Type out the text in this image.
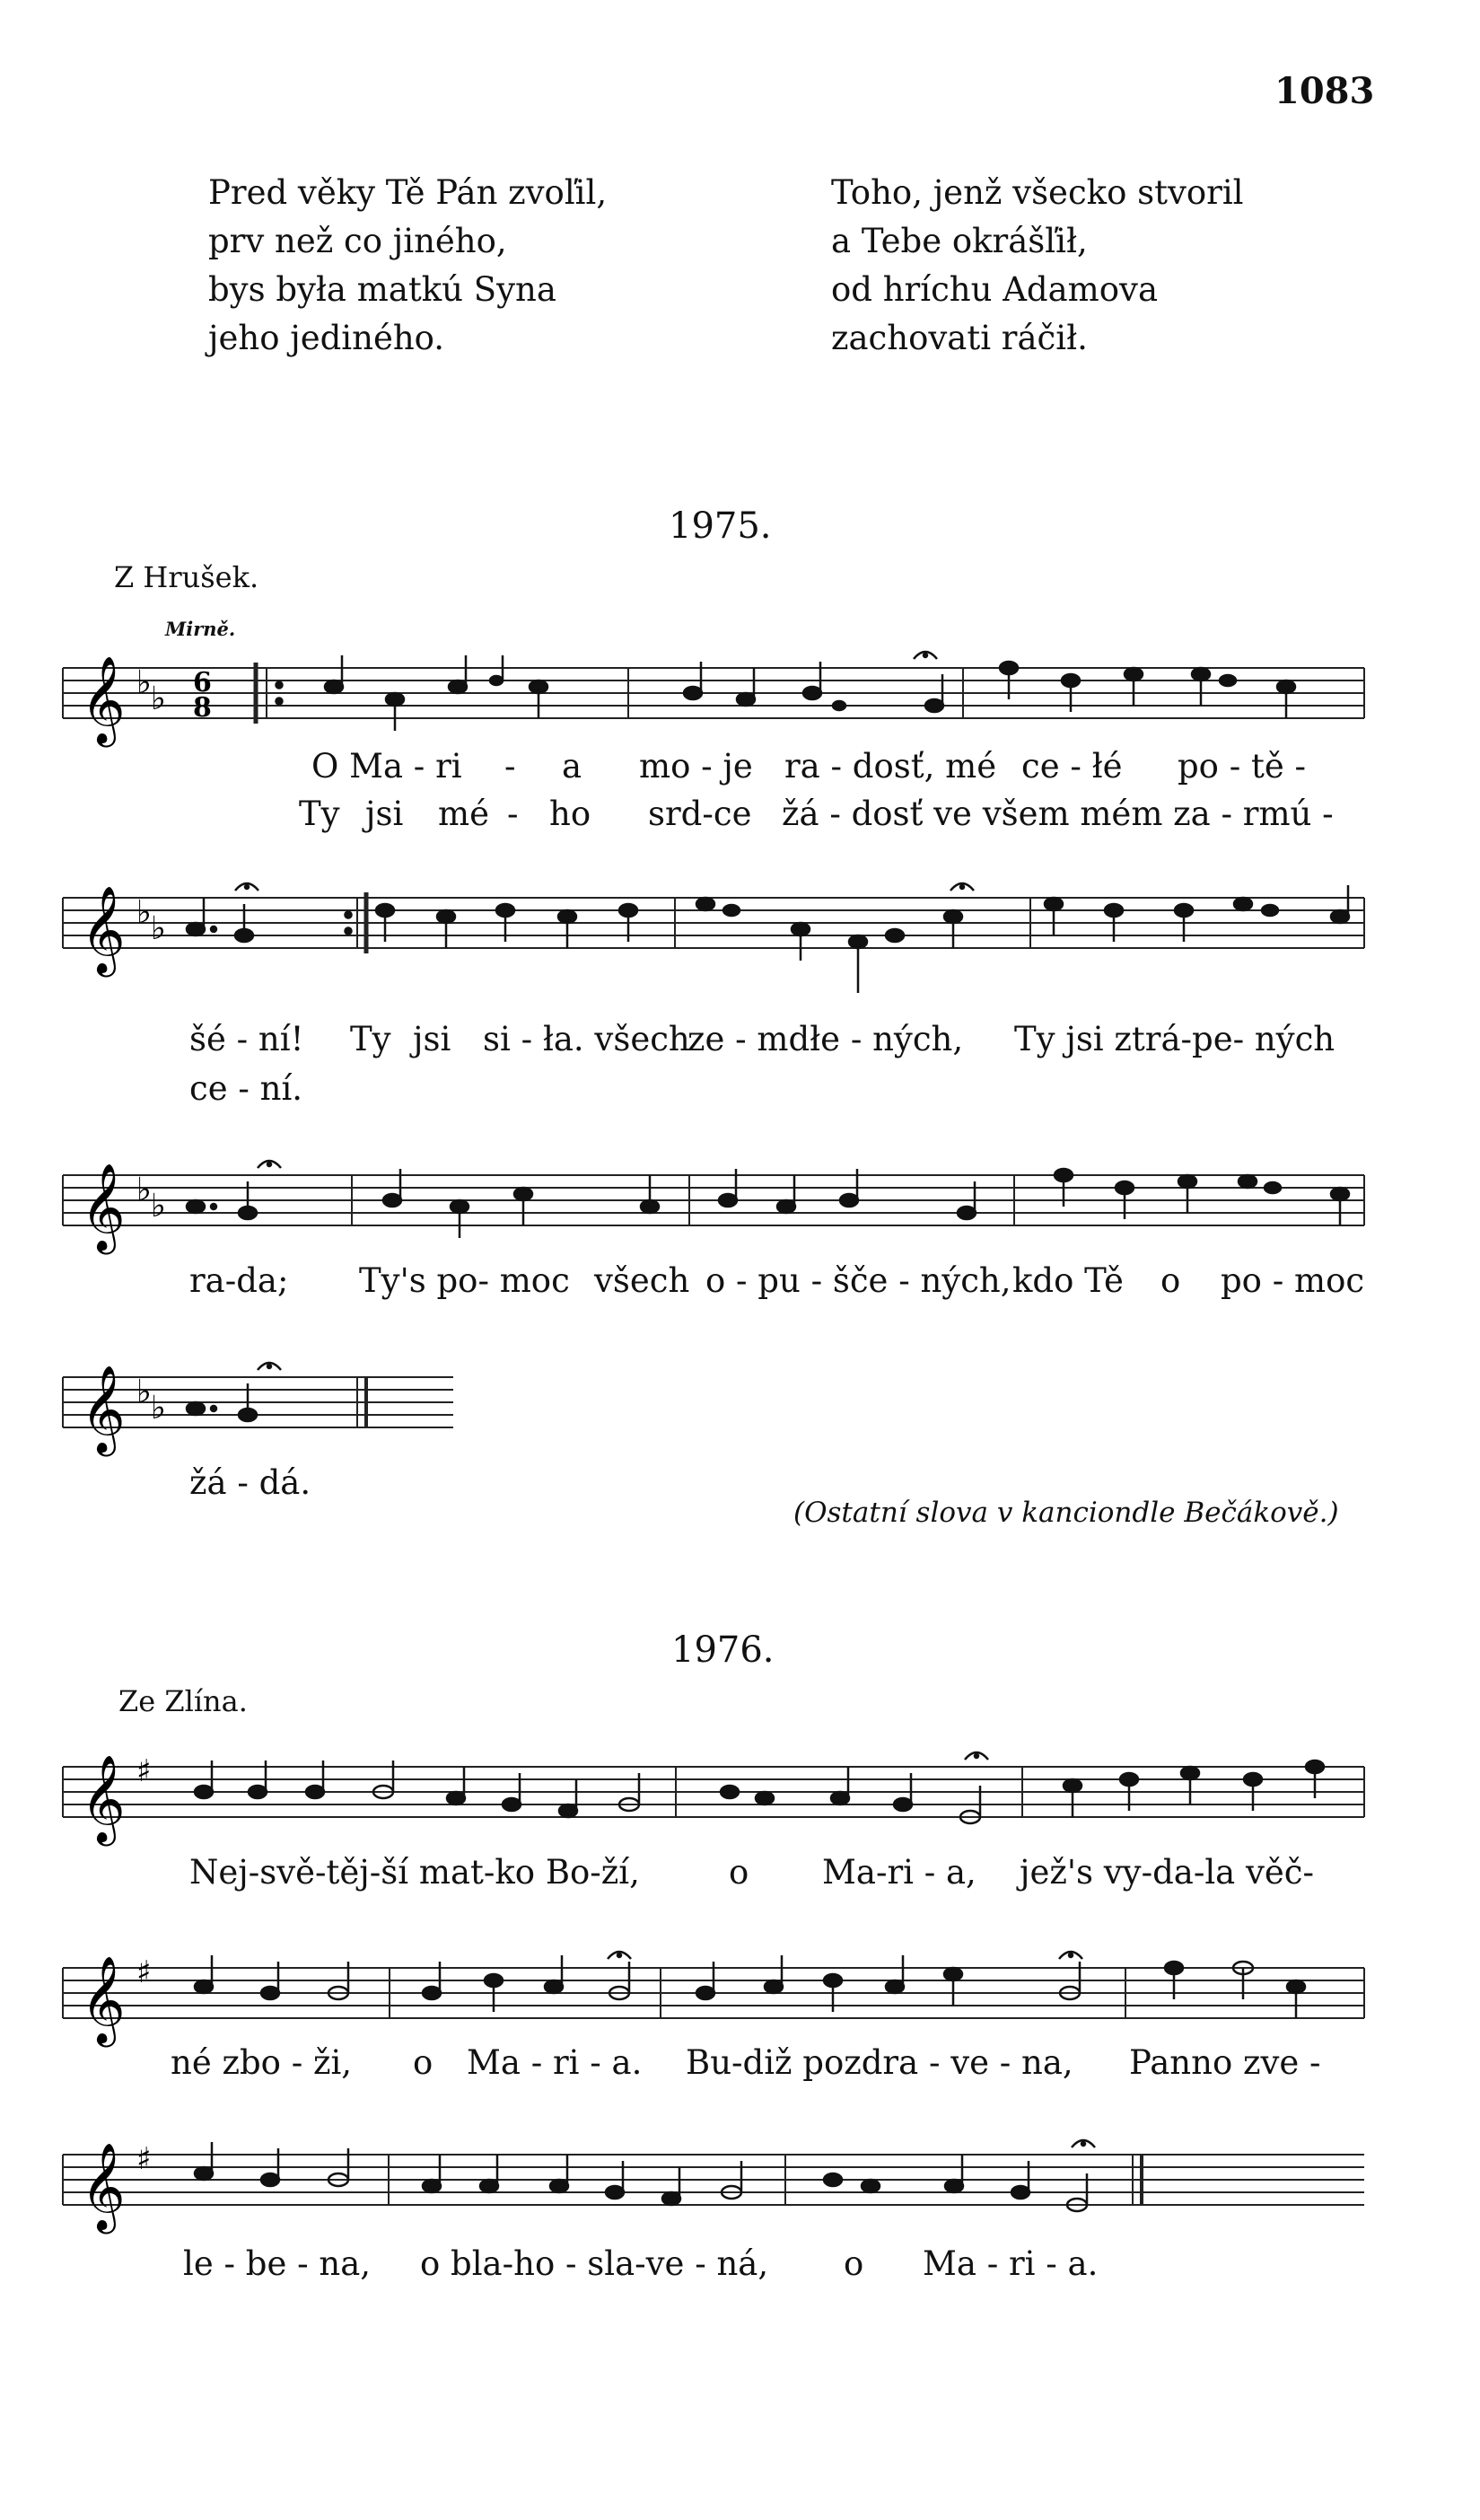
1083
Pred věky Tě Pán zvoľil,
prv než co jiného,
bys była matkú Syna
jeho jediného.
Toho, jenž všecko stvoril
a Tebe okrášľił,
od hríchu Adamova
zachovati ráčił.
1975.
Z Hrušek.
Mirně.
𝄞 ♭ ♭ 6
8
O Ma - ri - a mo - je ra - dosť, mé ce - łé po - tě -
Ty jsi mé - ho srd-ce žá - dosť ve všem mém za - rmú -
𝄞 ♭ ♭
šé - ní! Ty jsi si - ła. všech
ze - mdłe - ných, Ty jsi ztrá-pe- ných
ce - ní.
𝄞 ♭ ♭
ra-da; Ty's po- moc všech o - pu - šče - ných, kdo Tě o po - moc
𝄞 ♭ ♭
žá - dá.
(Ostatní slova v kanciondle Bečákově.)
1976.
Ze Zlína.
𝄞 ♯
Nej-svě-těj-ší mat-ko Bo-ží,	o Ma-ri - a, jež's vy-da-la věč-
𝄞 ♯
né zbo - ži, o Ma - ri - a. Bu-diž pozdra - ve - na, Panno zve -
𝄞 ♯
le - be - na, o bla-ho - sla-ve - ná, o Ma - ri - a.
